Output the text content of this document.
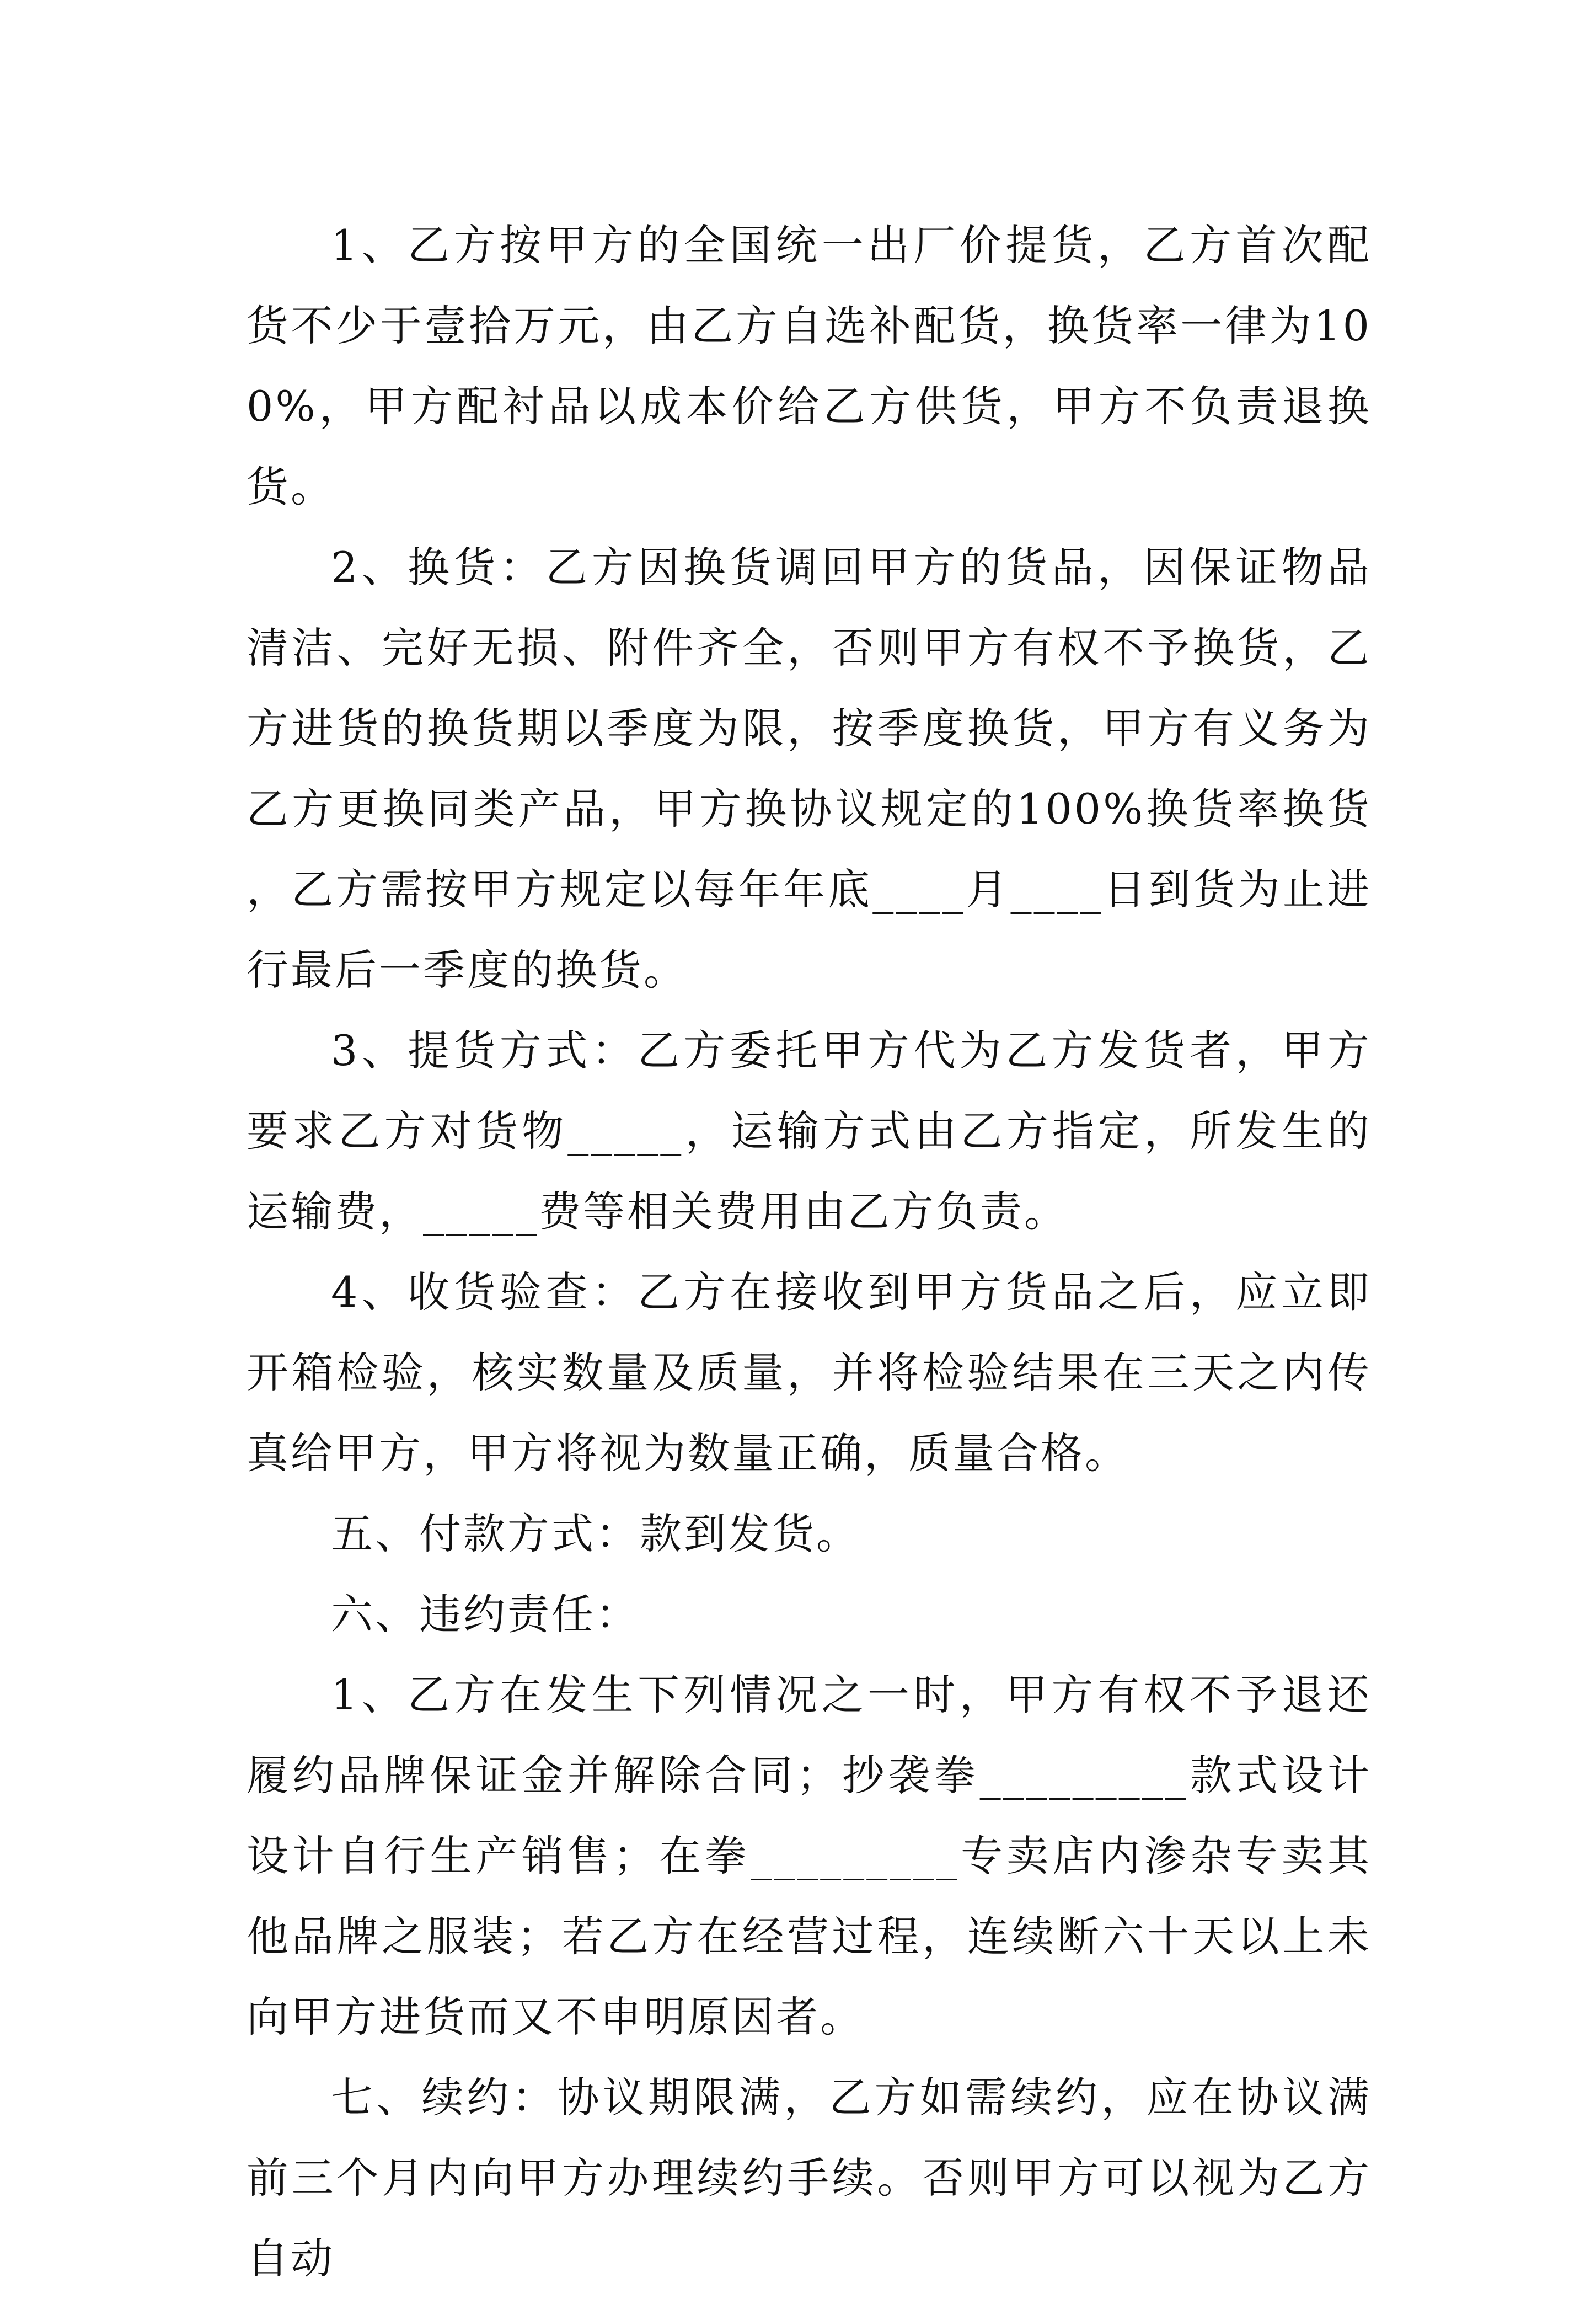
1、乙方按甲方的全国统一出厂价提货，乙方首次配货不少于壹拾万元，由乙方自选补配货，换货率一律为100%，甲方配衬品以成本价给乙方供货，甲方不负责退换货。

2、换货：乙方因换货调回甲方的货品，因保证物品清洁、完好无损、附件齐全，否则甲方有权不予换货，乙方进货的换货期以季度为限，按季度换货，甲方有义务为乙方更换同类产品，甲方换协议规定的100%换货率换货，乙方需按甲方规定以每年年底____月____日到货为止进行最后一季度的换货。

3、提货方式：乙方委托甲方代为乙方发货者，甲方要求乙方对货物_____，运输方式由乙方指定，所发生的运输费，_____费等相关费用由乙方负责。

4、收货验查：乙方在接收到甲方货品之后，应立即开箱检验，核实数量及质量，并将检验结果在三天之内传真给甲方，甲方将视为数量正确，质量合格。

五、付款方式：款到发货。

六、违约责任：

1、乙方在发生下列情况之一时，甲方有权不予退还履约品牌保证金并解除合同；抄袭拳_________款式设计设计自行生产销售；在拳_________专卖店内渗杂专卖其他品牌之服装；若乙方在经营过程，连续断六十天以上未向甲方进货而又不申明原因者。

七、续约：协议期限满，乙方如需续约，应在协议满前三个月内向甲方办理续约手续。否则甲方可以视为乙方自动
